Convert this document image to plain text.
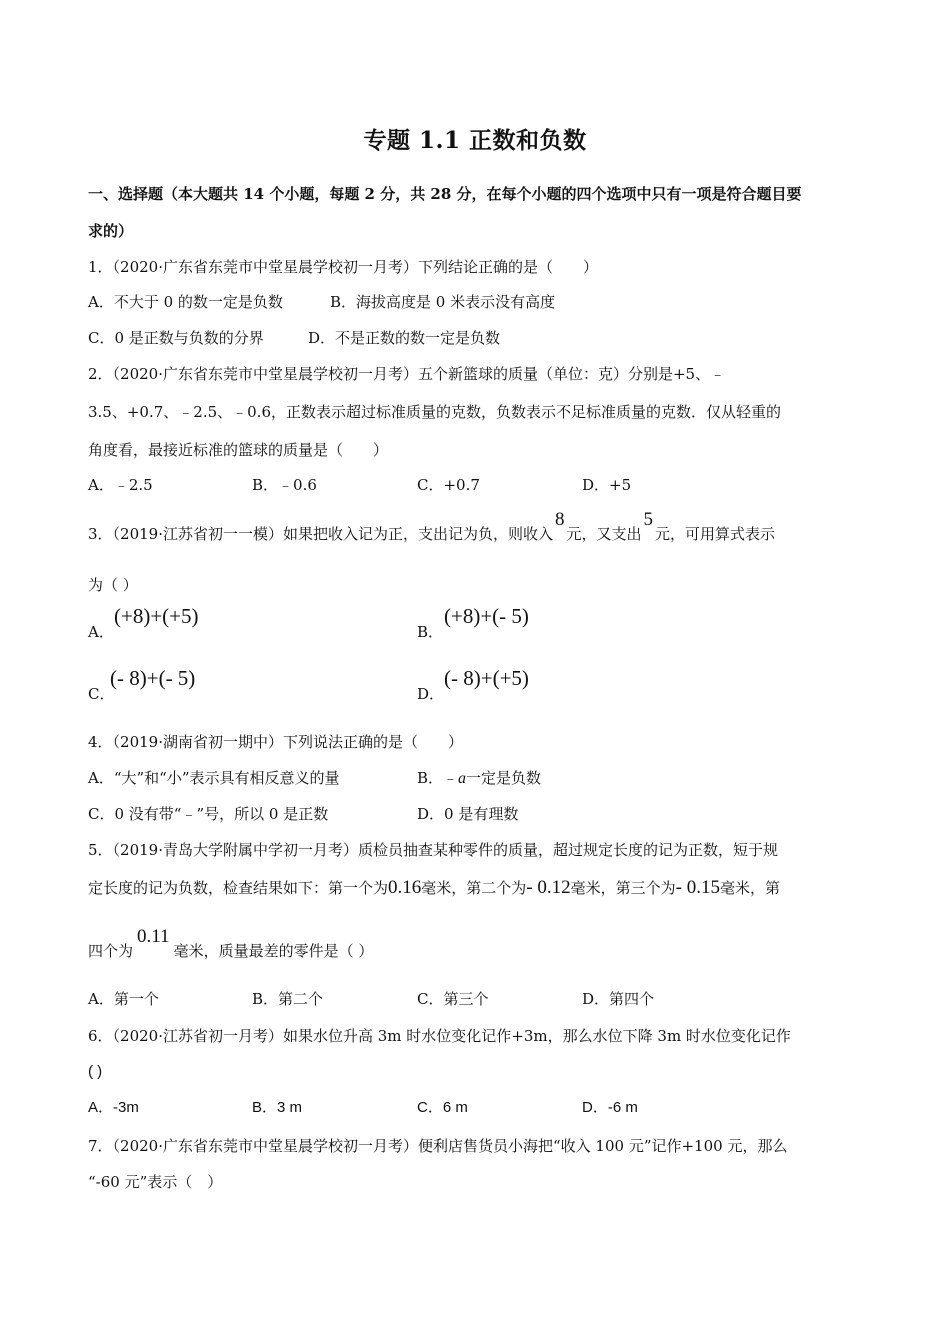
专题 1.1 正数和负数
一、选择题（本大题共 14 个小题，每题 2 分，共 28 分，在每个小题的四个选项中只有一项是符合题目要
求的）
1．（2020·广东省东莞市中堂星晨学校初一月考）下列结论正确的是（　　）
A．不大于 0 的数一定是负数	B．海拔高度是 0 米表示没有高度
C．0 是正数与负数的分界	D．不是正数的数一定是负数
2．（2020·广东省东莞市中堂星晨学校初一月考）五个新篮球的质量（单位：克）分别是+5、﹣
3.5、+0.7、﹣2.5、﹣0.6，正数表示超过标准质量的克数，负数表示不足标准质量的克数．仅从轻重的
角度看，最接近标准的篮球的质量是（　　）
A．﹣2.5	B．﹣0.6	C．+0.7	D．+5
3．（2019·江苏省初一一模）如果把收入记为正，支出记为负，则收入8元，又支出5元，可用算式表示
为（ ）
A．
(+8)+(+5)
B．
(+8)+(- 5)
C．
(- 8)+(- 5)
D．
(- 8)+(+5)
4．（2019·湖南省初一期中）下列说法正确的是（　　）
A．“大”和“小”表示具有相反意义的量	B．﹣a一定是负数
C．0 没有带“﹣”号，所以 0 是正数	D．0 是有理数
5．（2019·青岛大学附属中学初一月考）质检员抽查某种零件的质量，超过规定长度的记为正数，短于规
定长度的记为负数，检查结果如下：第一个为0.16毫米，第二个为- 0.12毫米，第三个为- 0.15毫米，第
四个为0.11毫米，质量最差的零件是（ ）
A．第一个	B．第二个	C．第三个	D．第四个
6．（2020·江苏省初一月考）如果水位升高 3m 时水位变化记作+3m，那么水位下降 3m 时水位变化记作
( )
A．-3m	B．3 m	C．6 m	D．-6 m
7．（2020·广东省东莞市中堂星晨学校初一月考）便利店售货员小海把“收入 100 元”记作+100 元，那么
“-60 元”表示（　）
